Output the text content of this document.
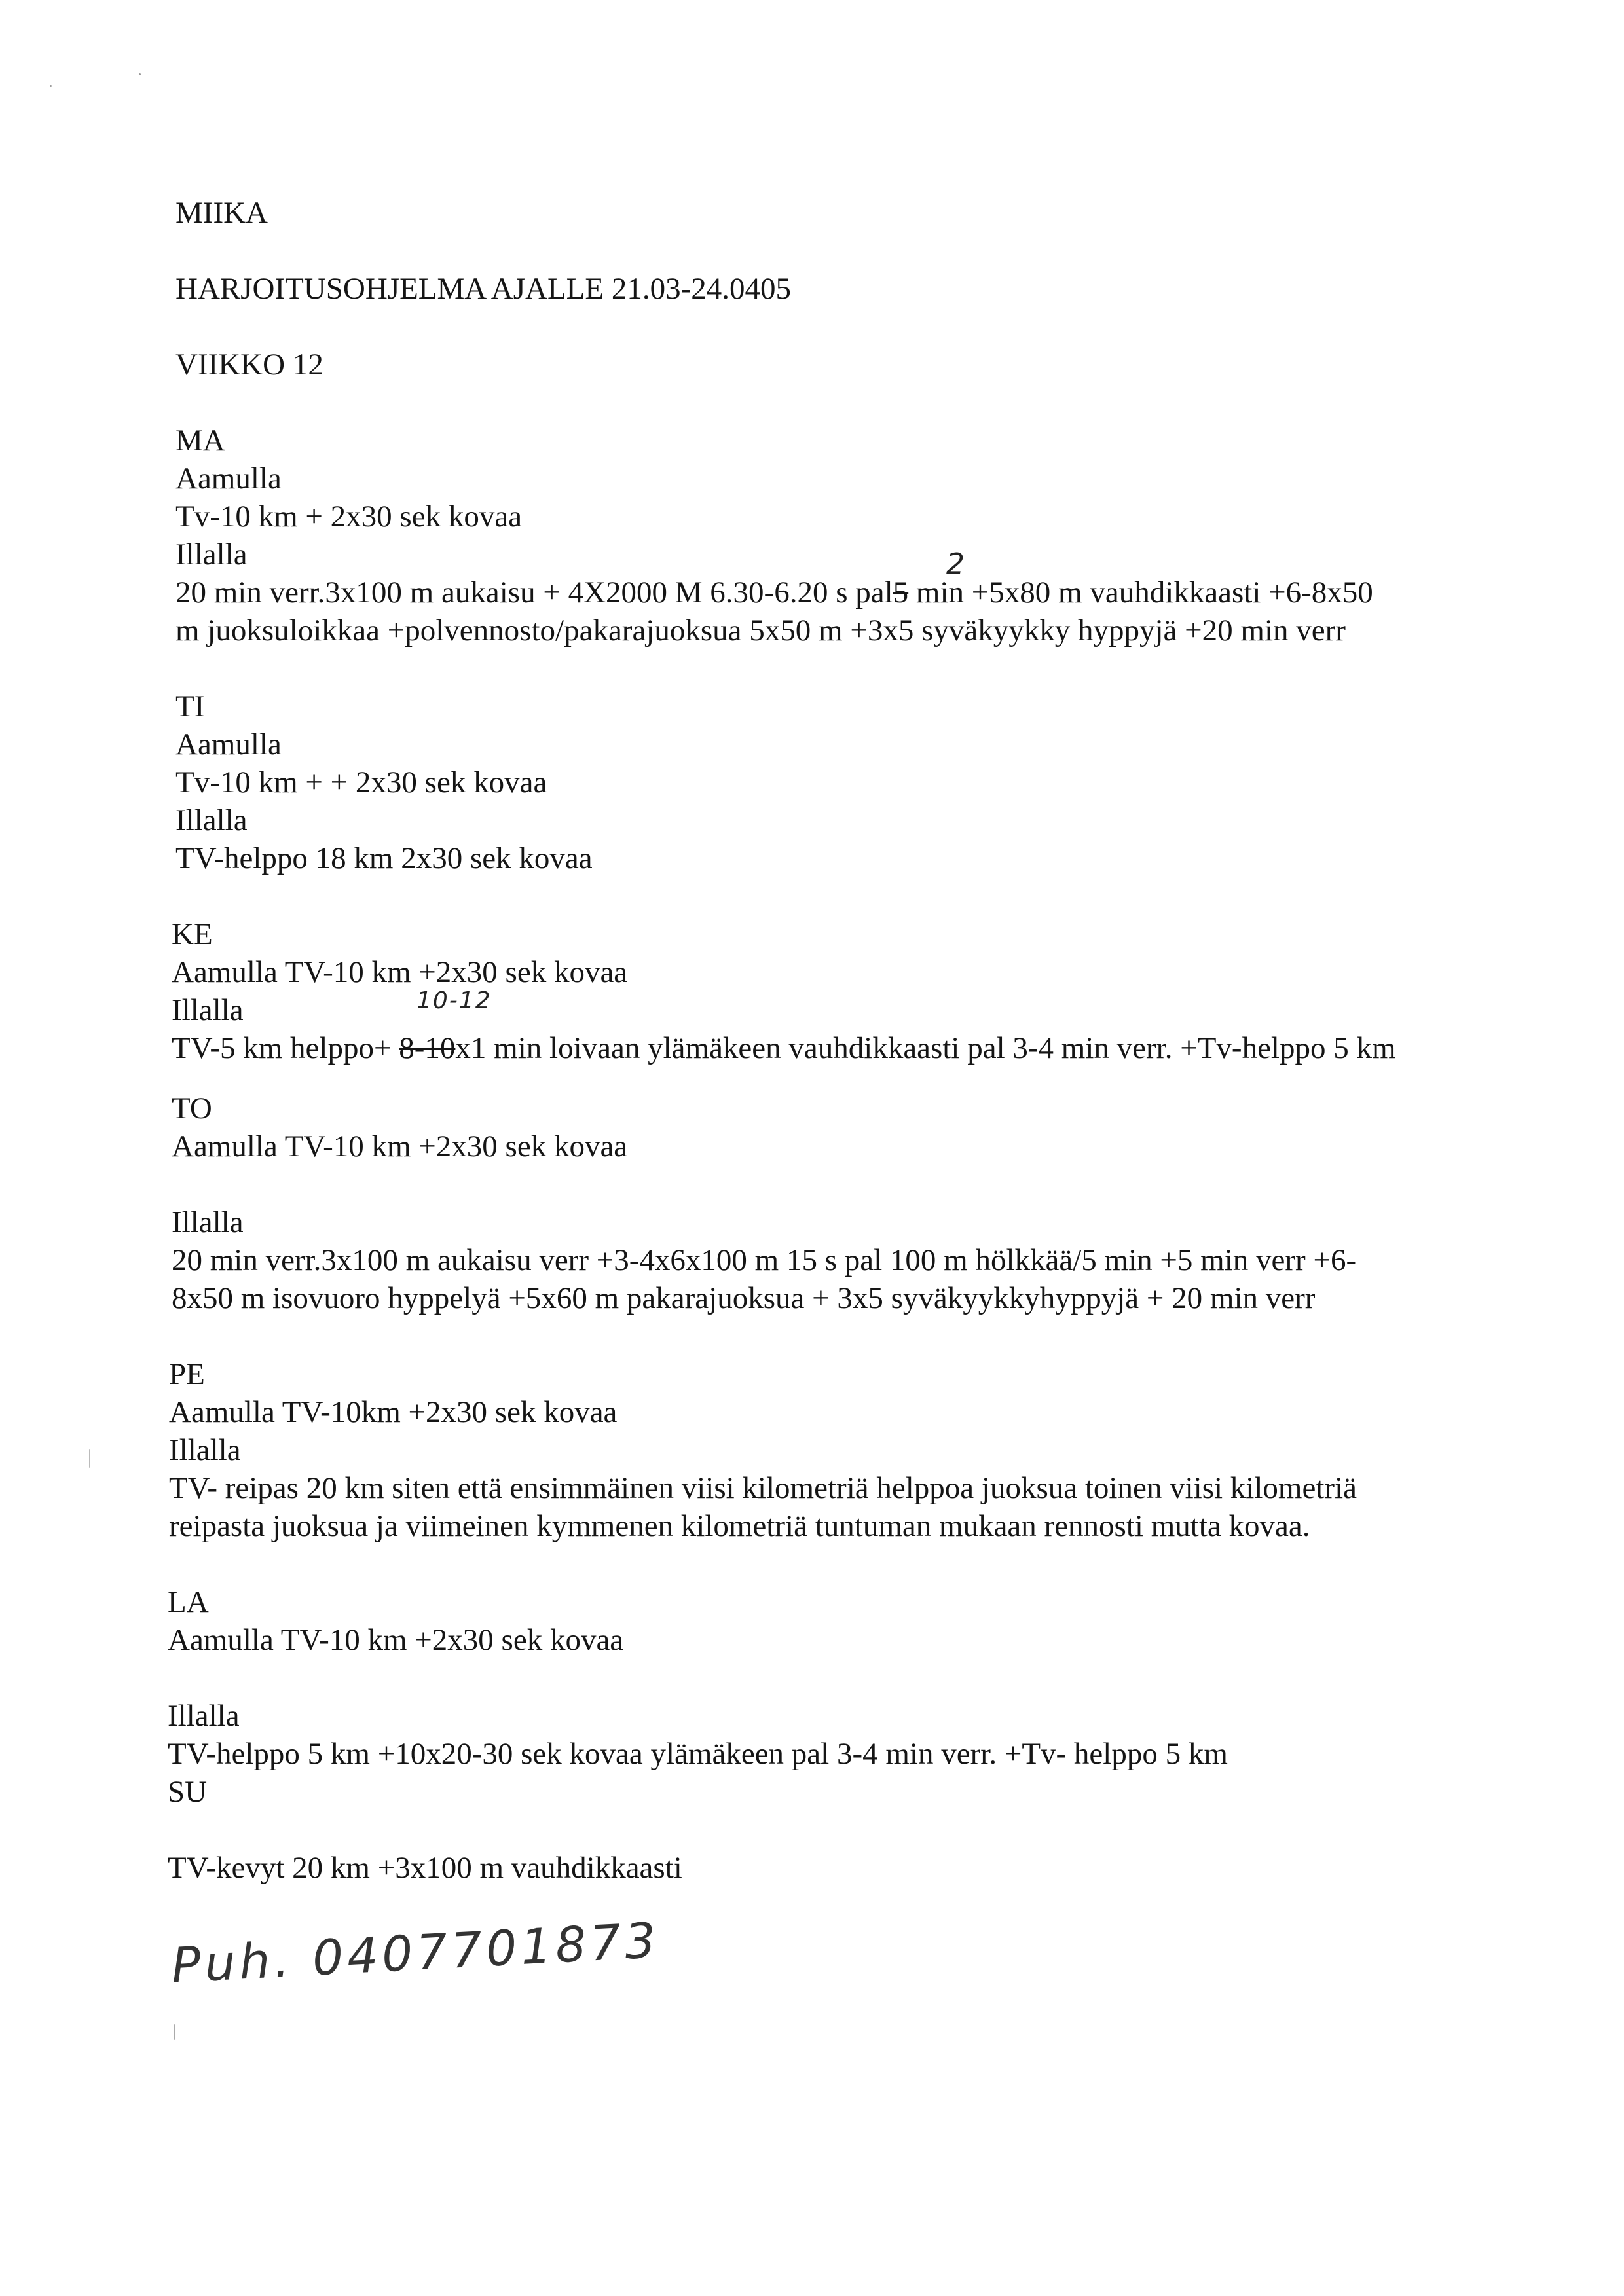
MIIKA
HARJOITUSOHJELMA AJALLE 21.03-24.0405
VIIKKO 12
MA
Aamulla
Tv-10 km + 2x30 sek kovaa
Illalla	2
20 min verr.3x100 m aukaisu + 4X2000 M 6.30-6.20 s pal5 min +5x80 m vauhdikkaasti +6-8x50
m juoksuloikkaa +polvennosto/pakarajuoksua 5x50 m +3x5 syväkyykky hyppyjä +20 min verr
TI
Aamulla
Tv-10 km + + 2x30 sek kovaa
Illalla
TV-helppo 18 km 2x30 sek kovaa
KE
Aamulla TV-10 km +2x30 sek kovaa
Illalla	10-12
TV-5 km helppo+ 8-10x1 min loivaan ylämäkeen vauhdikkaasti pal 3-4 min verr. +Tv-helppo 5 km
TO
Aamulla TV-10 km +2x30 sek kovaa
Illalla
20 min verr.3x100 m aukaisu verr +3-4x6x100 m 15 s pal 100 m hölkkää/5 min +5 min verr +6-
8x50 m isovuoro hyppelyä +5x60 m pakarajuoksua + 3x5 syväkyykkyhyppyjä + 20 min verr
PE
Aamulla TV-10km +2x30 sek kovaa
Illalla
TV- reipas 20 km siten että ensimmäinen viisi kilometriä helppoa juoksua toinen viisi kilometriä
reipasta juoksua ja viimeinen kymmenen kilometriä tuntuman mukaan rennosti mutta kovaa.
LA
Aamulla TV-10 km +2x30 sek kovaa
Illalla
TV-helppo 5 km +10x20-30 sek kovaa ylämäkeen pal 3-4 min verr. +Tv- helppo 5 km
SU
TV-kevyt 20 km +3x100 m vauhdikkaasti
Puh. 0407701873
